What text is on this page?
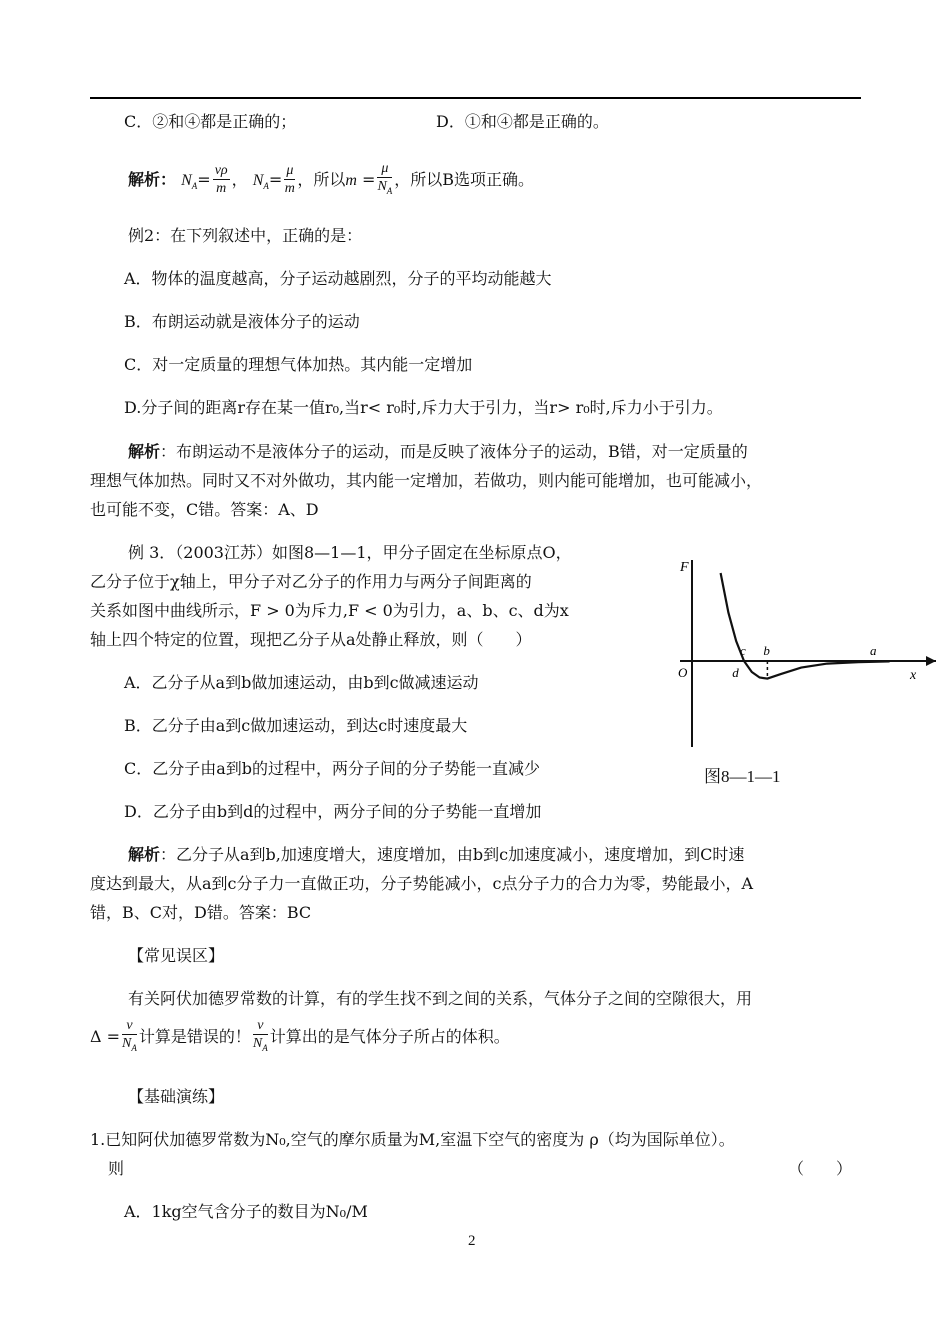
C．②和④都是正确的；	D．①和④都是正确的。
解析： $N_A= \frac{v\rho}{m}$ ， $N_A= \frac{\mu}{m}$ ，所以$m = \frac{\mu}{N_A}$ ，所以B选项正确。
例2：在下列叙述中，正确的是：
A．物体的温度越高，分子运动越剧烈，分子的平均动能越大
B．布朗运动就是液体分子的运动
C．对一定质量的理想气体加热。其内能一定增加
D.分子间的距离r存在某一值r₀,当r< r₀时,斥力大于引力，当r> r₀时,斥力小于引力。
解析：布朗运动不是液体分子的运动，而是反映了液体分子的运动，B错，对一定质量的
理想气体加热。同时又不对外做功，其内能一定增加，若做功，则内能可能增加，也可能减小，
也可能不变，C错。答案：A、D
例 3．（2003江苏）如图8—1—1，甲分子固定在坐标原点O，
乙分子位于χ轴上，甲分子对乙分子的作用力与两分子间距离的
关系如图中曲线所示，F > 0为斥力,F < 0为引力，a、b、c、d为x
轴上四个特定的位置，现把乙分子从a处静止释放，则（　　）
A．乙分子从a到b做加速运动，由b到c做减速运动
B．乙分子由a到c做加速运动，到达c时速度最大
C．乙分子由a到b的过程中，两分子间的分子势能一直减少
D．乙分子由b到d的过程中，两分子间的分子势能一直增加
F
O	x
a
b
c
d
图8—1—1
解析：乙分子从a到b,加速度增大，速度增加，由b到c加速度减小，速度增加，到C时速
度达到最大，从a到c分子力一直做正功，分子势能减小，c点分子力的合力为零，势能最小，A
错，B、C对，D错。答案：BC
【常见误区】
有关阿伏加德罗常数的计算，有的学生找不到之间的关系，气体分子之间的空隙很大，用
$\Delta = \frac{v}{N_A}$ 计算是错误的！ $\frac{v}{N_A}$ 计算出的是气体分子所占的体积。
【基础演练】
1.已知阿伏加德罗常数为N₀,空气的摩尔质量为M,室温下空气的密度为 ρ（均为国际单位）。
则	（　　）
A．1kg空气含分子的数目为N₀/M
2
